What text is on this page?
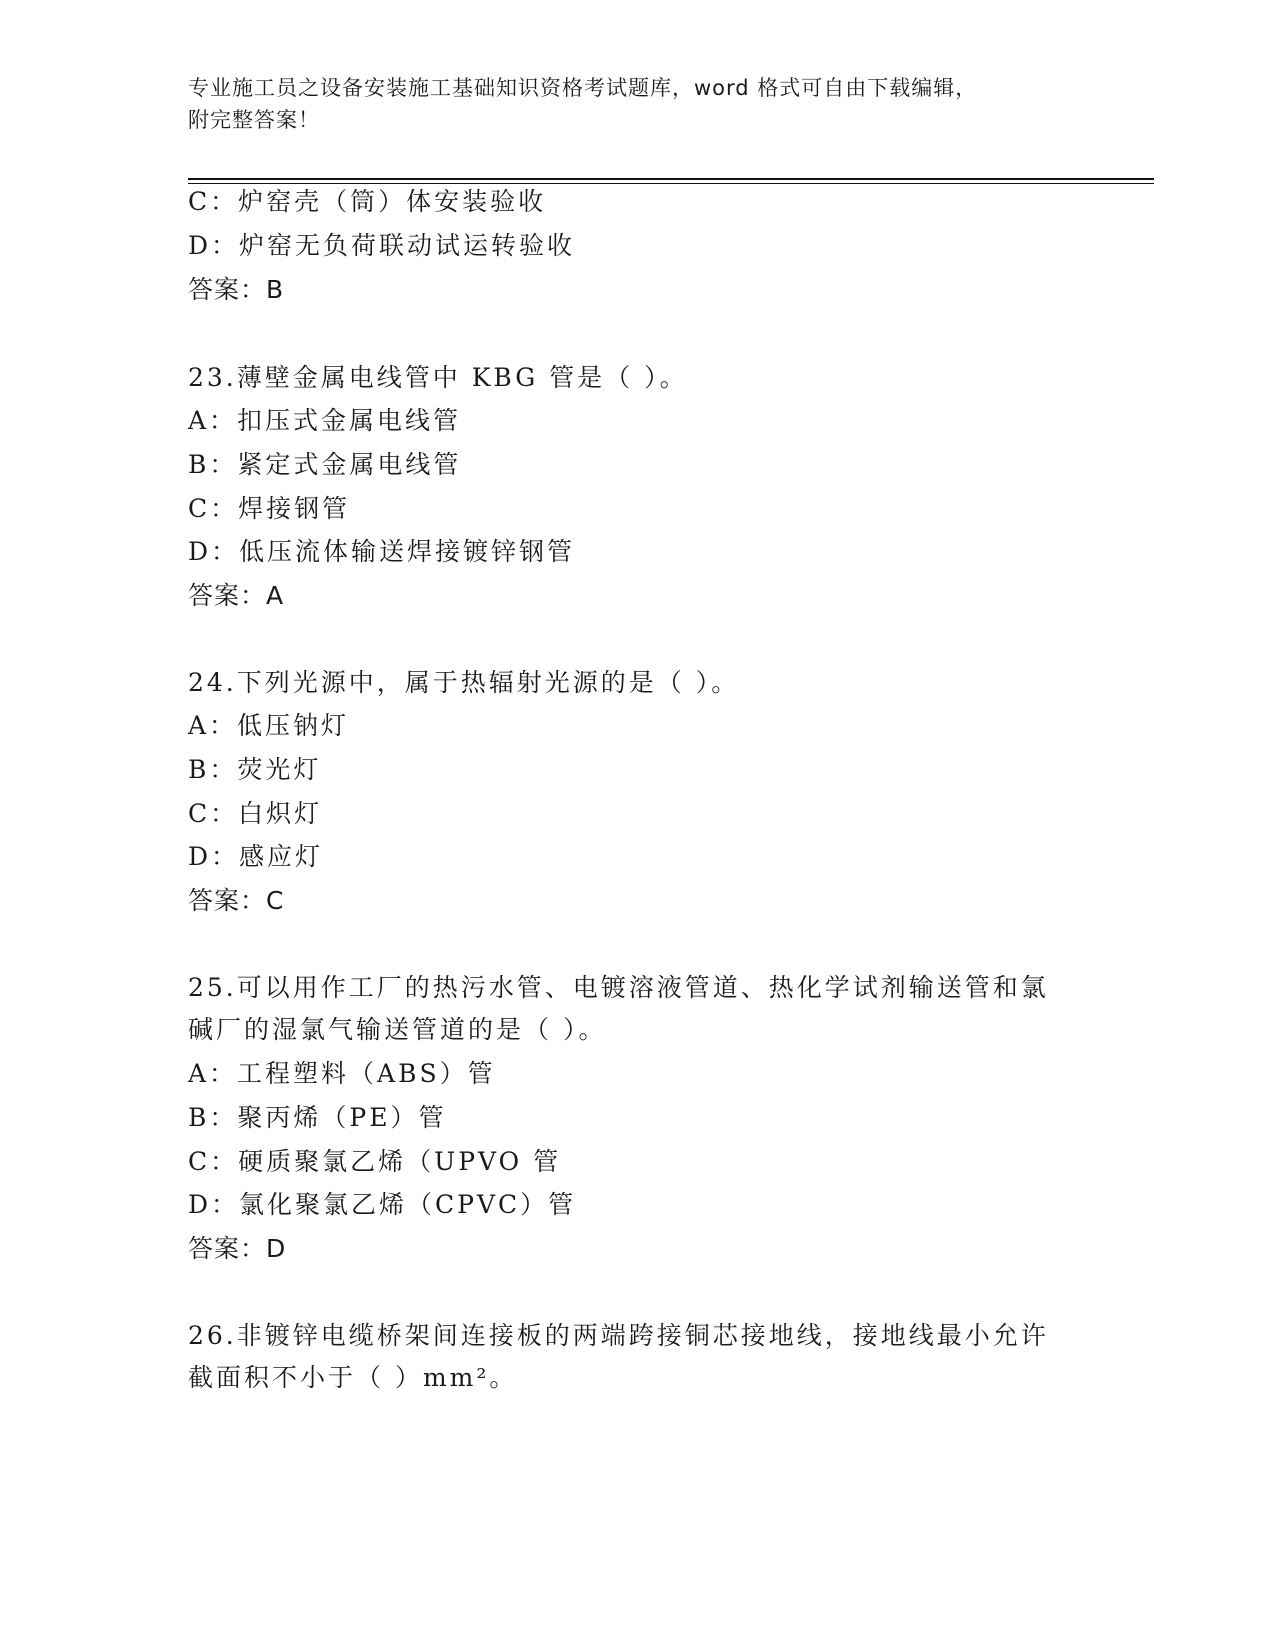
专业施工员之设备安装施工基础知识资格考试题库，word 格式可自由下载编辑，
附完整答案！
C：炉窑壳（筒）体安装验收
D：炉窑无负荷联动试运转验收
答案：B
23.薄壁金属电线管中 KBG 管是（ ）。
A：扣压式金属电线管
B：紧定式金属电线管
C：焊接钢管
D：低压流体输送焊接镀锌钢管
答案：A
24.下列光源中，属于热辐射光源的是（ ）。
A：低压钠灯
B：荧光灯
C：白炽灯
D：感应灯
答案：C
25.可以用作工厂的热污水管、电镀溶液管道、热化学试剂输送管和氯
碱厂的湿氯气输送管道的是（ ）。
A：工程塑料（ABS）管
B：聚丙烯（PE）管
C：硬质聚氯乙烯（UPVO 管
D：氯化聚氯乙烯（CPVC）管
答案：D
26.非镀锌电缆桥架间连接板的两端跨接铜芯接地线，接地线最小允许
截面积不小于（ ）mm²。
